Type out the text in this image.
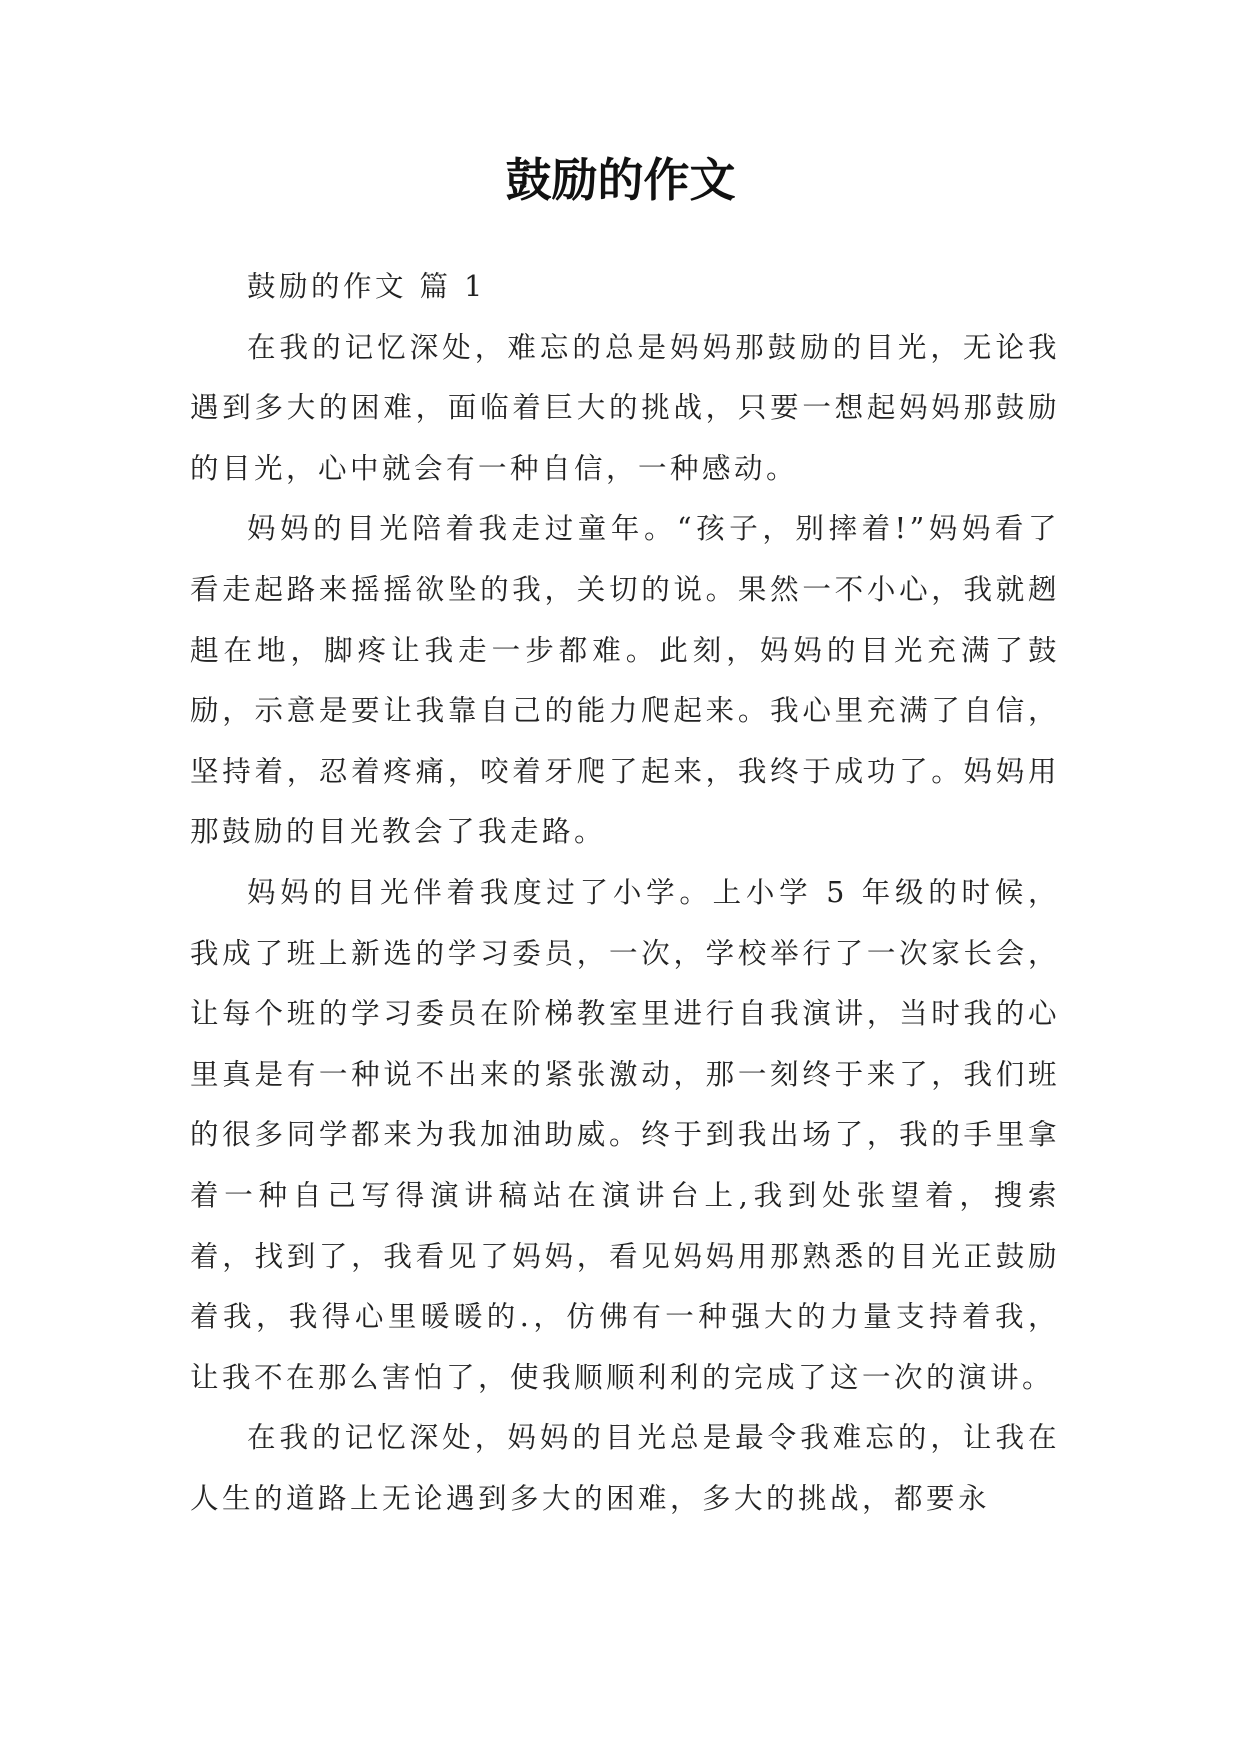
鼓励的作文

鼓励的作文 篇 1

在我的记忆深处，难忘的总是妈妈那鼓励的目光，无论我遇到多大的困难，面临着巨大的挑战，只要一想起妈妈那鼓励的目光，心中就会有一种自信，一种感动。

妈妈的目光陪着我走过童年。“孩子，别摔着!”妈妈看了看走起路来摇摇欲坠的我，关切的说。果然一不小心，我就趔趄在地，脚疼让我走一步都难。此刻，妈妈的目光充满了鼓励，示意是要让我靠自己的能力爬起来。我心里充满了自信，坚持着，忍着疼痛，咬着牙爬了起来，我终于成功了。妈妈用那鼓励的目光教会了我走路。

妈妈的目光伴着我度过了小学。上小学 5 年级的时候，我成了班上新选的学习委员，一次，学校举行了一次家长会，让每个班的学习委员在阶梯教室里进行自我演讲，当时我的心里真是有一种说不出来的紧张激动，那一刻终于来了，我们班的很多同学都来为我加油助威。终于到我出场了，我的手里拿着一种自己写得演讲稿站在演讲台上,我到处张望着，搜索着，找到了，我看见了妈妈，看见妈妈用那熟悉的目光正鼓励着我，我得心里暖暖的.，仿佛有一种强大的力量支持着我，让我不在那么害怕了，使我顺顺利利的完成了这一次的演讲。

在我的记忆深处，妈妈的目光总是最令我难忘的，让我在人生的道路上无论遇到多大的困难，多大的挑战，都要永
